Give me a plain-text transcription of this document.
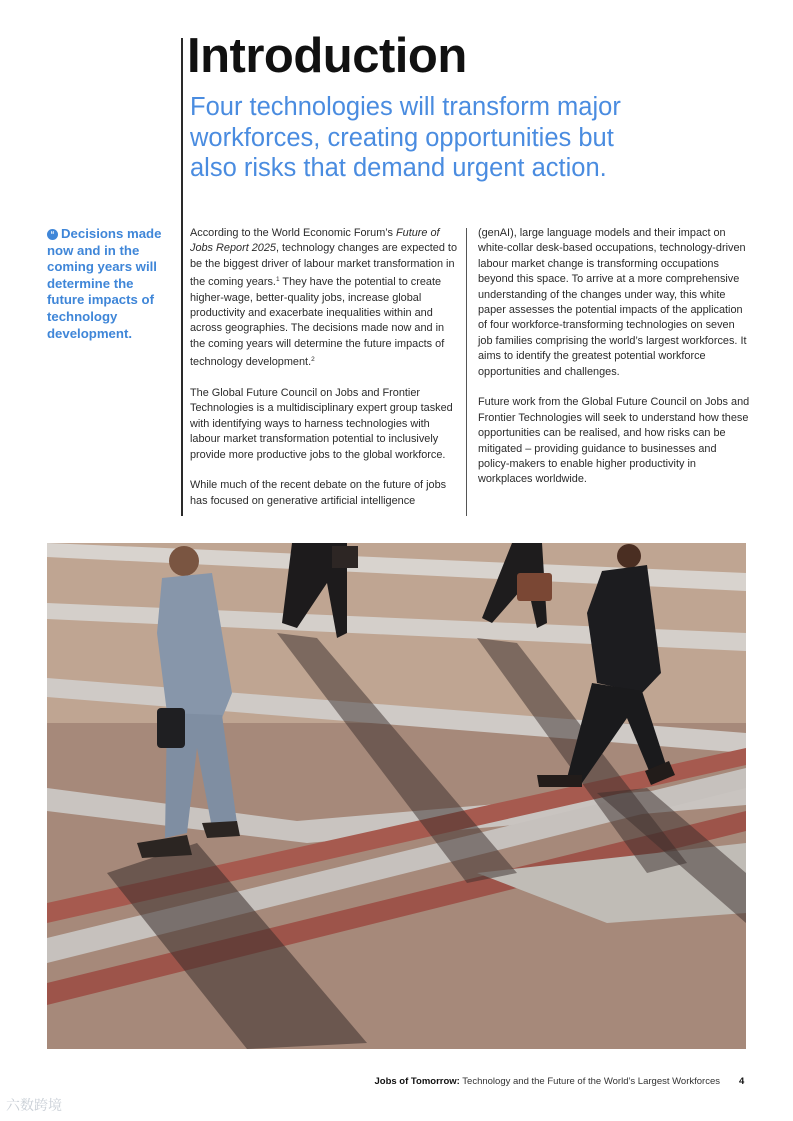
Introduction
Four technologies will transform major workforces, creating opportunities but also risks that demand urgent action.
“ Decisions made now and in the coming years will determine the future impacts of technology development.

According to the World Economic Forum’s Future of Jobs Report 2025, technology changes are expected to be the biggest driver of labour market transformation in the coming years.$^1$ They have the potential to create higher-wage, better-quality jobs, increase global productivity and exacerbate inequalities within and across geographies. The decisions made now and in the coming years will determine the future impacts of technology development.$^2$

The Global Future Council on Jobs and Frontier Technologies is a multidisciplinary expert group tasked with identifying ways to harness technologies with labour market transformation potential to inclusively provide more productive jobs to the global workforce.

While much of the recent debate on the future of jobs has focused on generative artificial intelligence

(genAI), large language models and their impact on white-collar desk-based occupations, technology-driven labour market change is transforming occupations beyond this space. To arrive at a more comprehensive understanding of the changes under way, this white paper assesses the potential impacts of the application of four workforce-transforming technologies on seven job families comprising the world’s largest workforces. It aims to identify the greatest potential workforce opportunities and challenges.

Future work from the Global Future Council on Jobs and Frontier Technologies will seek to understand how these opportunities can be realised, and how risks can be mitigated – providing guidance to businesses and policy-makers to enable higher productivity in workplaces worldwide.

Jobs of Tomorrow: Technology and the Future of the World’s Largest Workforces 4
六数跨境
